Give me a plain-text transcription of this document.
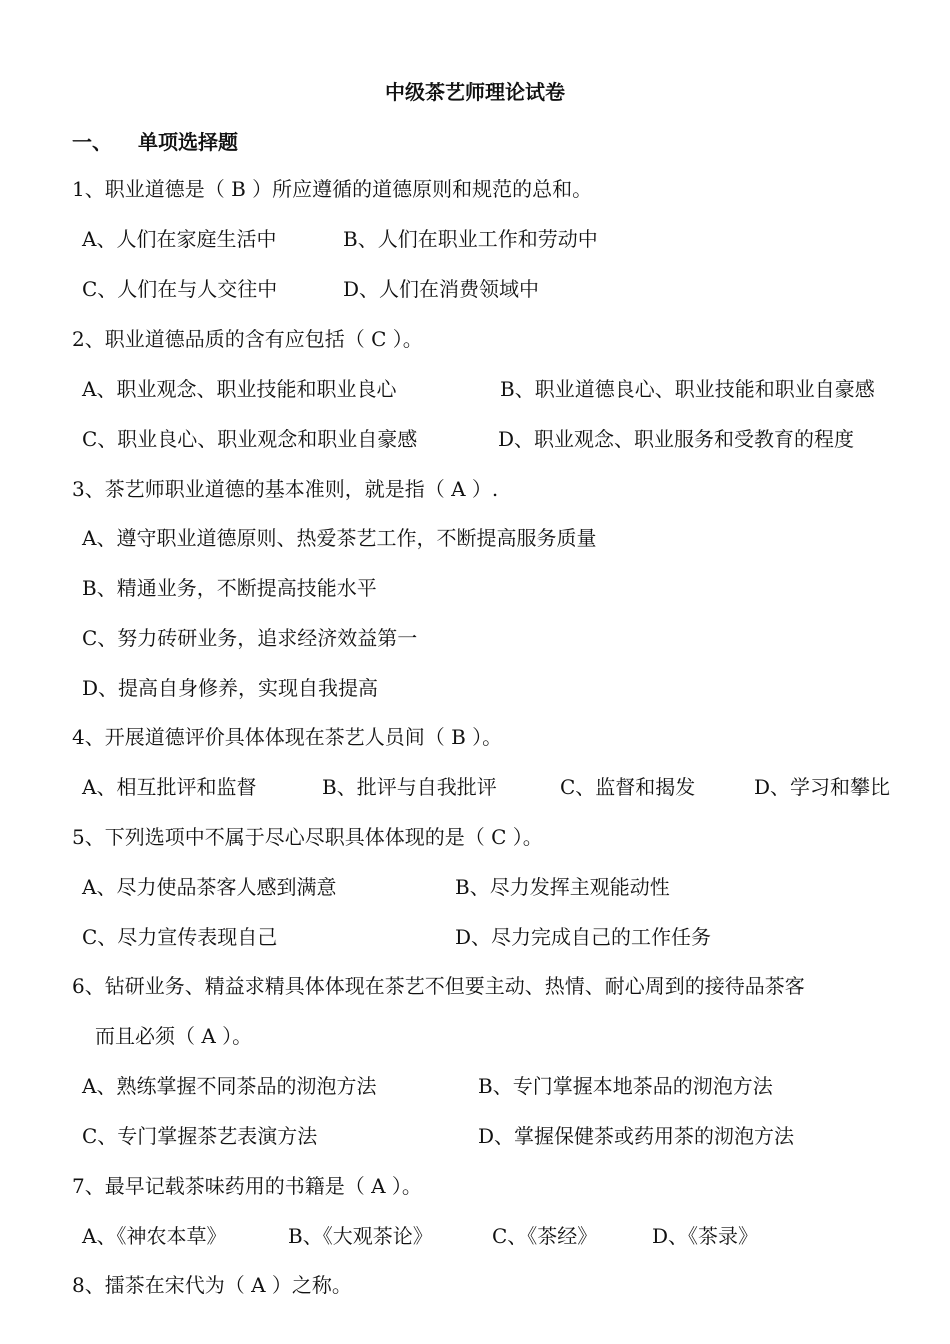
中级茶艺师理论试卷
一、 单项选择题
1、职业道德是（ B ）所应遵循的道德原则和规范的总和。
A、人们在家庭生活中	B、人们在职业工作和劳动中
C、人们在与人交往中	D、人们在消费领域中
2、职业道德品质的含有应包括（ C ）。
A、职业观念、职业技能和职业良心	B、职业道德良心、职业技能和职业自豪感
C、职业良心、职业观念和职业自豪感	D、职业观念、职业服务和受教育的程度
3、茶艺师职业道德的基本准则，就是指（ A ）.
A、遵守职业道德原则、热爱茶艺工作，不断提高服务质量
B、精通业务，不断提高技能水平
C、努力砖研业务，追求经济效益第一
D、提高自身修养，实现自我提高
4、开展道德评价具体体现在茶艺人员间（ B ）。
A、相互批评和监督	B、批评与自我批评	C、监督和揭发	D、学习和攀比
5、下列选项中不属于尽心尽职具体体现的是（ C ）。
A、尽力使品茶客人感到满意	B、尽力发挥主观能动性
C、尽力宣传表现自己	D、尽力完成自己的工作任务
6、钻研业务、精益求精具体体现在茶艺不但要主动、热情、耐心周到的接待品茶客
而且必须（ A ）。
A、熟练掌握不同茶品的沏泡方法	B、专门掌握本地茶品的沏泡方法
C、专门掌握茶艺表演方法	D、掌握保健茶或药用茶的沏泡方法
7、最早记载茶味药用的书籍是（ A ）。
A、《神农本草》	B、《大观茶论》	C、《茶经》	D、《茶录》
8、擂茶在宋代为（ A ）之称。
